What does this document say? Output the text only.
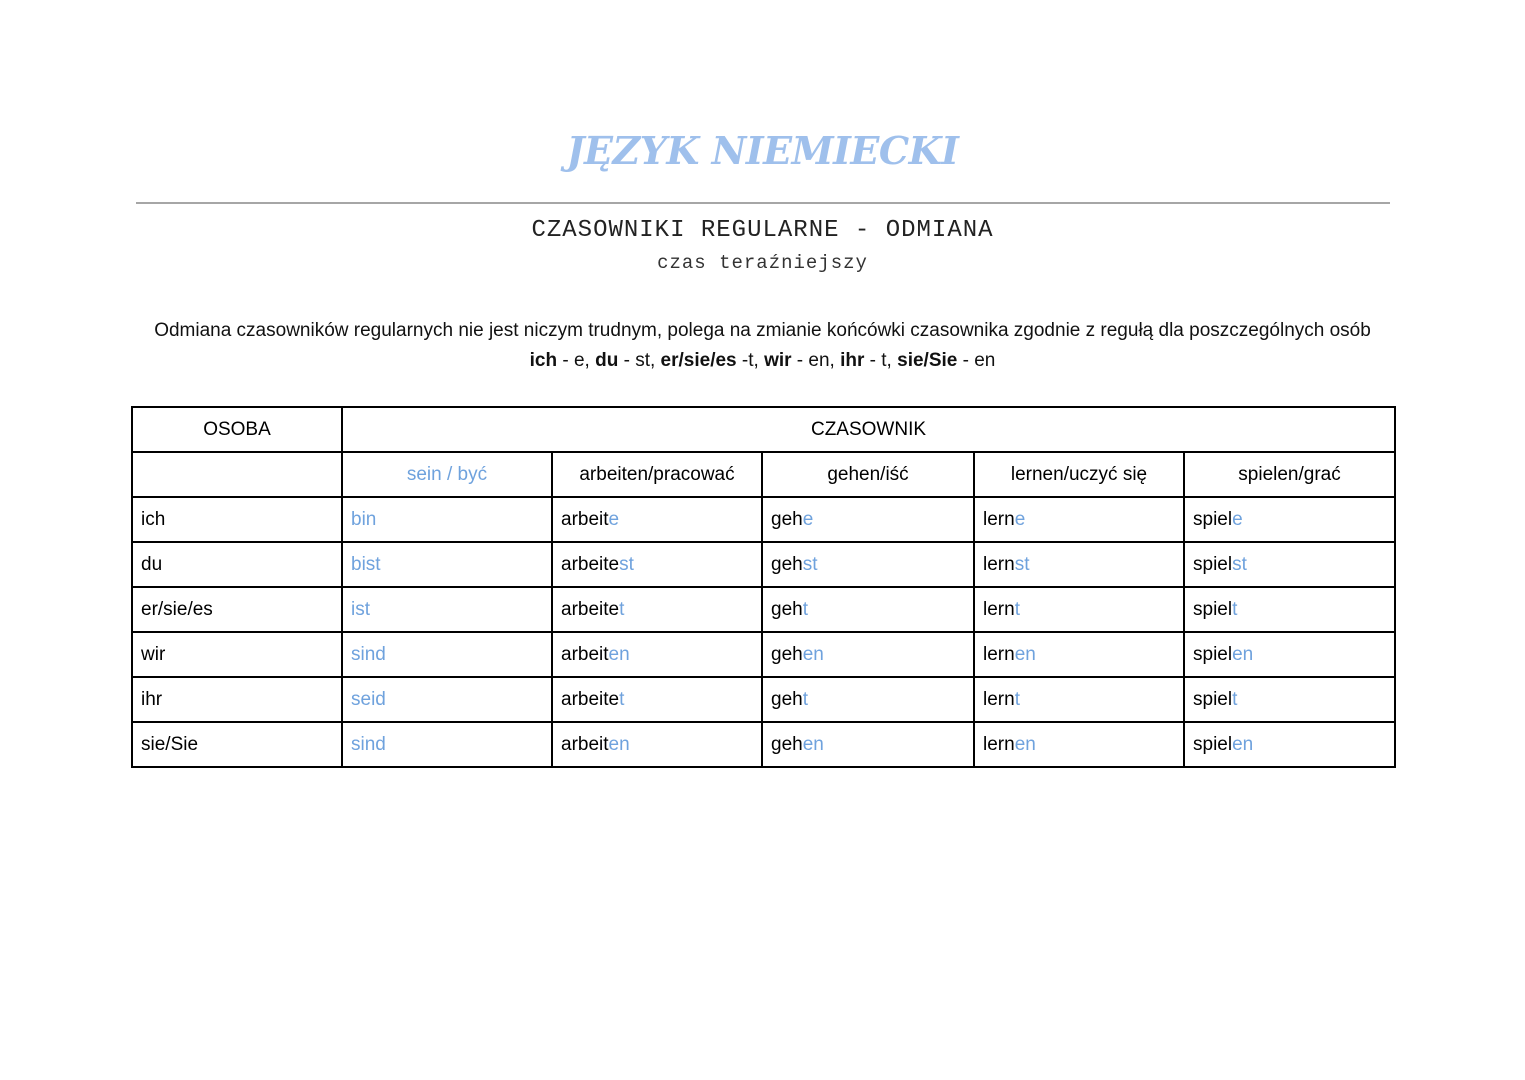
JĘZYK NIEMIECKI
CZASOWNIKI REGULARNE - ODMIANA
czas teraźniejszy
Odmiana czasowników regularnych nie jest niczym trudnym, polega na zmianie końcówki czasownika zgodnie z regułą dla poszczególnych osób
ich - e, du - st, er/sie/es -t, wir - en, ihr - t, sie/Sie - en
OSOBA	CZASOWNIK				
	sein / być	arbeiten/pracować	gehen/iść	lernen/uczyć się	spielen/grać
ich	bin	arbeite	gehe	lerne	spiele
du	bist	arbeitest	gehst	lernst	spielst
er/sie/es	ist	arbeitet	geht	lernt	spielt
wir	sind	arbeiten	gehen	lernen	spielen
ihr	seid	arbeitet	geht	lernt	spielt
sie/Sie	sind	arbeiten	gehen	lernen	spielen
